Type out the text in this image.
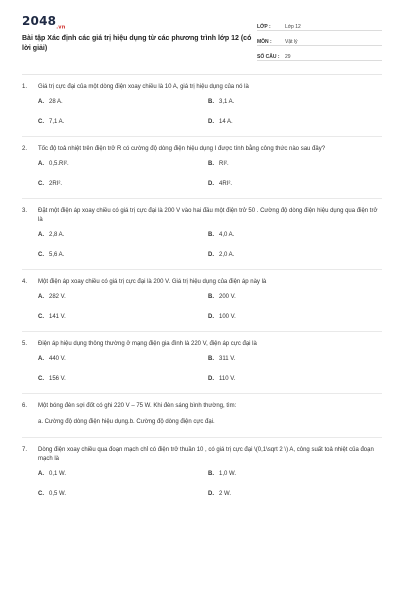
$2048_{.vn}$
Bài tập Xác định các giá trị hiệu dụng từ các phương trình lớp 12 (có lời giải)
LỚP :	Lớp 12
MÔN :	Vật lý
SỐ CÂU :	29
1.	Giá trị cực đại của một dòng điện xoay chiều là 10 A, giá trị hiệu dụng của nó là
A. 28 A.	B. 3,1 A.
C. 7,1 A.	D. 14 A.
2.	Tốc độ toả nhiệt trên điện trở R có cường độ dòng điện hiệu dụng I được tính bằng công thức nào sau đây?
A. 0,5.RI².	B. RI².
C. 2RI².	D. 4RI².
3.	Đặt một điện áp xoay chiều có giá trị cực đại là 200 V vào hai đầu một điện trở 50 . Cường độ dòng điện hiệu dụng qua điện trở là
A. 2,8 A.	B. 4,0 A.
C. 5,6 A.	D. 2,0 A.
4.	Một điện áp xoay chiều có giá trị cực đại là 200 V. Giá trị hiệu dụng của điện áp này là
A. 282 V.	B. 200 V.
C. 141 V.	D. 100 V.
5.	Điện áp hiệu dụng thông thường ở mạng điện gia đình là 220 V, điện áp cực đại là
A. 440 V.	B. 311 V.
C. 156 V.	D. 110 V.
6.	Một bóng đèn sợi đốt có ghi 220 V – 75 W. Khi đèn sáng bình thường, tìm:
a. Cường độ dòng điện hiệu dụng.b. Cường độ dòng điện cực đại.
7.	Dòng điện xoay chiều qua đoạn mạch chỉ có điện trở thuần 10 , có giá trị cực đại \(0,1\sqrt 2 \) A, công suất toả nhiệt của đoạn mạch là
A. 0,1 W.	B. 1,0 W.
C. 0,5 W.	D. 2 W.
